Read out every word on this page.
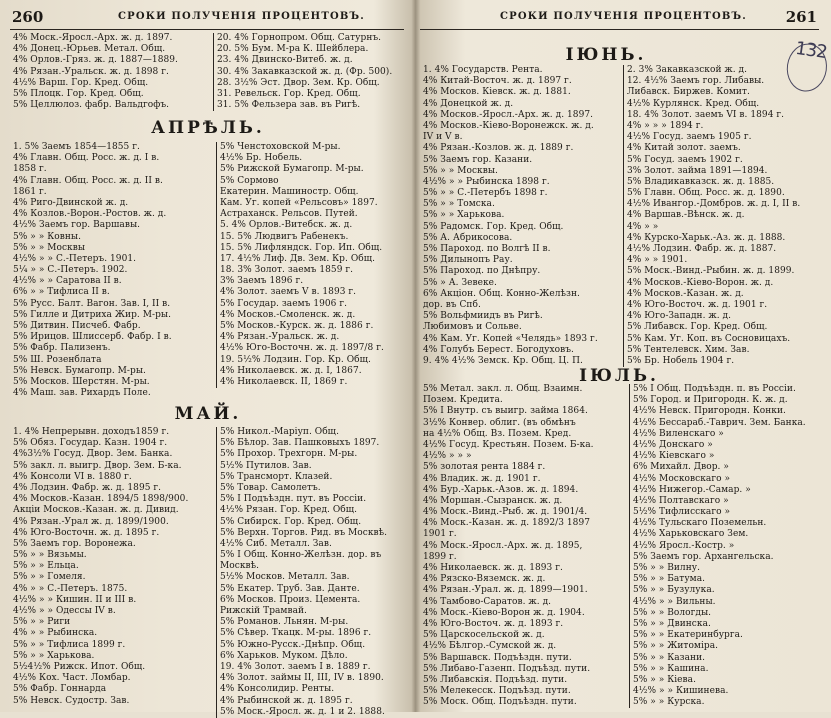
260	СРОКИ ПОЛУЧЕНІЯ ПРОЦЕНТОВЪ.
4% Моск.-Яросл.-Арх. ж. д. 1897.
4% Донец.-Юрьев. Метал. Общ.
4% Орлов.-Гряз. ж. д. 1887—1889.
4% Рязан.-Уральск. ж. д. 1898 г.
4½% Варш. Гор. Кред. Общ.
5% Плоцк. Гор. Кред. Общ.
5% Целлюлоз. фабр. Вальдгофъ.
20. 4% Горнопром. Общ. Сатурнъ.
20. 5% Бум. М-ра К. Шейблера.
23. 4% Двинско-Витеб. ж. д.
30. 4% Закавказской ж. д. (Фр. 500).
28. 3½% Эст. Двор. Зем. Кр. Общ.
31. Ревельск. Гор. Кред. Общ.
31. 5% Фельзера зав. въ Ригѣ.
АПРѢЛЬ.
1. 5% Заемъ 1854—1855 г.
4% Главн. Общ. Росс. ж. д. I в.
1858 г.
4% Главн. Общ. Росс. ж. д. II в.
1861 г.
4% Риго-Двинской ж. д.
4% Козлов.-Ворон.-Ростов. ж. д.
4½% Заемъ гор. Варшавы.
5% » » Ковны.
5% » » Москвы
4½% » » С.-Петеръ. 1901.
5¼ » » С.-Петеръ. 1902.
4½% » » Саратова II в.
6% » » Тифлиса II в.
5% Русс. Балт. Вагон. Зав. I, II в.
5% Гилле и Дитриха Жир. М-ры.
5% Дитвин. Писчеб. Фабр.
5% Ирицов. Шлиссерб. Фабр. I в.
5% Фабр. Пализенъ.
5% Ш. Розенблата
5% Невск. Бумагопр. М-ры.
5% Москов. Шерстян. М-ры.
4% Маш. зав. Рихардъ Поле.
5% Ченстоховской М-ры.
4½% Бр. Нобель.
5% Рижской Бумагопр. М-ры.
5% Сормово
Екатерин. Машиностр. Общ.
Кам. Уг. копей «Рельсовъ» 1897.
Астраханск. Рельсов. Путей.
5. 4% Орлов.-Витебск. ж. д.
15. 5% Людвигъ Рабенекъ.
15. 5% Лифляндск. Гор. Ип. Общ.
17. 4½% Лиф. Дв. Зем. Кр. Общ.
18. 3% Золот. заемъ 1859 г.
3% Заемъ 1896 г.
4% Золот. заемъ V в. 1893 г.
5% Государ. заемъ 1906 г.
4% Москов.-Смоленск. ж. д.
5% Москов.-Курск. ж. д. 1886 г.
4% Рязан.-Уральск. ж. д.
4½% Юго-Восточн. ж. д. 1897/8 г.
19. 5½% Лодзин. Гор. Кр. Общ.
4% Николаевск. ж. д. I, 1867.
4% Николаевск. II, 1869 г.
МАЙ.
1. 4% Непрерывн. доходъ1859 г.
5% Обяз. Государ. Казн. 1904 г.
4%3½% Госуд. Двор. Зем. Банка.
5% закл. л. выигр. Двор. Зем. Б-ка.
4% Консоли VI в. 1880 г.
4% Лодзин. Фабр. ж. д. 1895 г.
4% Москов.-Казан. 1894/5 1898/900.
Акціи Москов.-Казан. ж. д. Дивид.
4% Рязан.-Урал ж. д. 1899/1900.
4% Юго-Восточн. ж. д. 1895 г.
5% Заемъ гор. Воронежа.
5% » » Вязьмы.
5% » » Ельца.
5% » » Гомеля.
4% » » С.-Петеръ. 1875.
4½% » » Кишин. II и III в.
4½% » » Одессы IV в.
5% » » Риги
4% » » Рыбинска.
5% » » Тифлиса 1899 г.
5% » » Харькова.
5½4½% Рижск. Ипот. Общ.
4½% Кох. Част. Ломбар.
5% Фабр. Гоннарда
5% Невск. Судостр. Зав.
5% Никол.-Марiуп. Общ.
5% Бѣлор. Зав. Пашковыхъ 1897.
5% Прохор. Трехгорн. М-ры.
5½% Путилов. Зав.
5% Трансморт. Клазей.
5% Товар. Самолетъ.
5% I Подъѣздн. пут. въ Россіи.
4½% Рязан. Гор. Кред. Общ.
5% Сибирск. Гор. Кред. Общ.
5% Верхн. Торгов. Рид. въ Москвѣ.
4½% Сиб. Металл. Зав.
5% I Общ. Конно-Желѣзн. дор. въ
Москвѣ.
5½% Москов. Металл. Зав.
5% Екатер. Труб. Зав. Данте.
6% Москов. Произ. Цемента.
Рижскій Трамвай.
5% Романов. Льнян. М-ры.
5% Сѣвер. Ткацк. М-ры. 1896 г.
5% Южно-Русск.-Днѣпр. Общ.
6% Харьков. Муком. Дѣло.
19. 4% Золот. заемъ I в. 1889 г.
4% Золот. займы II, III, IV в. 1890.
4% Консолидир. Ренты.
4% Рыбинской ж. д. 1895 г.
5% Моск.-Яросл. ж. д. 1 и 2. 1888.
СРОКИ ПОЛУЧЕНІЯ ПРОЦЕНТОВЪ.	261
132
ІЮНЬ.
1. 4% Государств. Рента.
4% Китай-Восточ. ж. д. 1897 г.
4% Москов. Кіевск. ж. д. 1881.
4% Донецкой ж. д.
4% Москов.-Яросл.-Арх. ж. д. 1897.
4% Москов.-Кіево-Воронежск. ж. д.
IV и V в.
4% Рязан.-Козлов. ж. д. 1889 г.
5% Заемъ гор. Казани.
5% » » Москвы.
4½% » » Рыбинска 1898 г.
5% » » С.-Петербъ 1898 г.
5% » » Томска.
5% » » Харькова.
5% Радомск. Гор. Кред. Общ.
5% А. Абрикосова.
5% Пароход. по Волгѣ II в.
5% Дилынопъ Рау.
5% Пароход. по Днѣпру.
5% » А. Зевеке.
6% Акціон. Общ. Конно-Желѣзн.
дор. въ Спб.
5% Вольфмиидъ въ Ригѣ.
Любимовъ и Сольве.
4% Кам. Уг. Копей «Челядь» 1893 г.
4% Голубъ Берест. Богодуховъ.
9. 4% 4½% Земск. Кр. Общ. Ц. П.
2. 3% Закавказской ж. д.
12. 4½% Заемъ гор. Либавы.
Либавск. Биржев. Комит.
4½% Курлянск. Кред. Общ.
18. 4% Золот. заемъ VI в. 1894 г.
4% » » » 1894 г.
4½% Госуд. заемъ 1905 г.
4% Китай золот. заемъ.
5% Госуд. заемъ 1902 г.
3% Золот. займа 1891—1894.
5% Владикавказск. ж. д. 1885.
5% Главн. Общ. Росс. ж. д. 1890.
4½% Ивангор.-Домбров. ж. д. I, II в.
4% Варшав.-Вѣнск. ж. д.
4% » »
4% Курско-Харьк.-Аз. ж. д. 1888.
4½% Лодзин. Фабр. ж. д. 1887.
4% » » 1901.
5% Моск.-Винд.-Рыбин. ж. д. 1899.
4% Москов.-Кіево-Ворон. ж. д.
4% Москов.-Казан. ж. д.
4% Юго-Восточ. ж. д. 1901 г.
4% Юго-Западн. ж. д.
5% Либавск. Гор. Кред. Общ.
5% Кам. Уг. Коп. въ Сосновицахъ.
5% Тентелевск. Хим. Зав.
5% Бр. Нобель 1904 г.
ІЮЛЬ.
5% Метал. закл. л. Общ. Взаимн.
Позем. Кредита.
5% I Внутр. съ выигр. займа 1864.
3½% Конвер. облиг. (въ обмѣнъ
на 4½% Общ. Вз. Позем. Кред.
4½% Госуд. Крестьян. Позем. Б-ка.
4½% » » »
5% золотая рента 1884 г.
4% Владик. ж. д. 1901 г.
4% Бур.-Харьк.-Азов. ж. д. 1894.
4% Моршан.-Сызранск. ж. д.
4% Моск.-Винд.-Рыб. ж. д. 1901/4.
4% Моск.-Казан. ж. д. 1892/3 1897
1901 г.
4% Моск.-Яросл.-Арх. ж. д. 1895,
1899 г.
4% Николаевск. ж. д. 1893 г.
4% Рязско-Вяземск. ж. д.
4% Рязан.-Урал. ж. д. 1899—1901.
4% Тамбово-Саратов. ж. д.
4% Моск.-Кіево-Ворон ж. д. 1904.
4% Юго-Восточ. ж. д. 1893 г.
5% Царскосельской ж. д.
4½% Бѣлгор.-Сумской ж. д.
5% Варшавск. Подъѣздн. пути.
5% Либаво-Газенп. Подъѣзд. пути.
5% Либавскія. Подъѣзд. пути.
5% Мелекесск. Подъѣзд. пути.
5% Моск. Общ. Подъѣздн. пути.
5% I Общ. Подъѣздн. п. въ Россіи.
5% Город. и Пригородн. К. ж. д.
4½% Невск. Пригородн. Конки.
4½% Бессараб.-Таврич. Зем. Банка.
4½% Виленскаго »
4½% Донскаго »
4½% Кіевскаго »
6% Михайл. Двор. »
4½% Московскаго »
4½% Нижегор.-Самар. »
4½% Полтавскаго »
5½% Тифлисскаго »
4½% Тульскаго Поземельн.
4½% Харьковскаго Зем.
4½% Яросл.-Костр. »
5% Заемъ гор. Архангельска.
5% » » Вилну.
5% » » Батума.
5% » » Бузулука.
4½% » » Вильны.
5% » » Вологды.
5% » » Двинска.
5% » » Екатеринбурга.
5% » » Житоміра.
5% » » Казани.
5% » » Кашина.
5% » » Кіева.
4½% » » Кишинева.
5% » » Курска.
